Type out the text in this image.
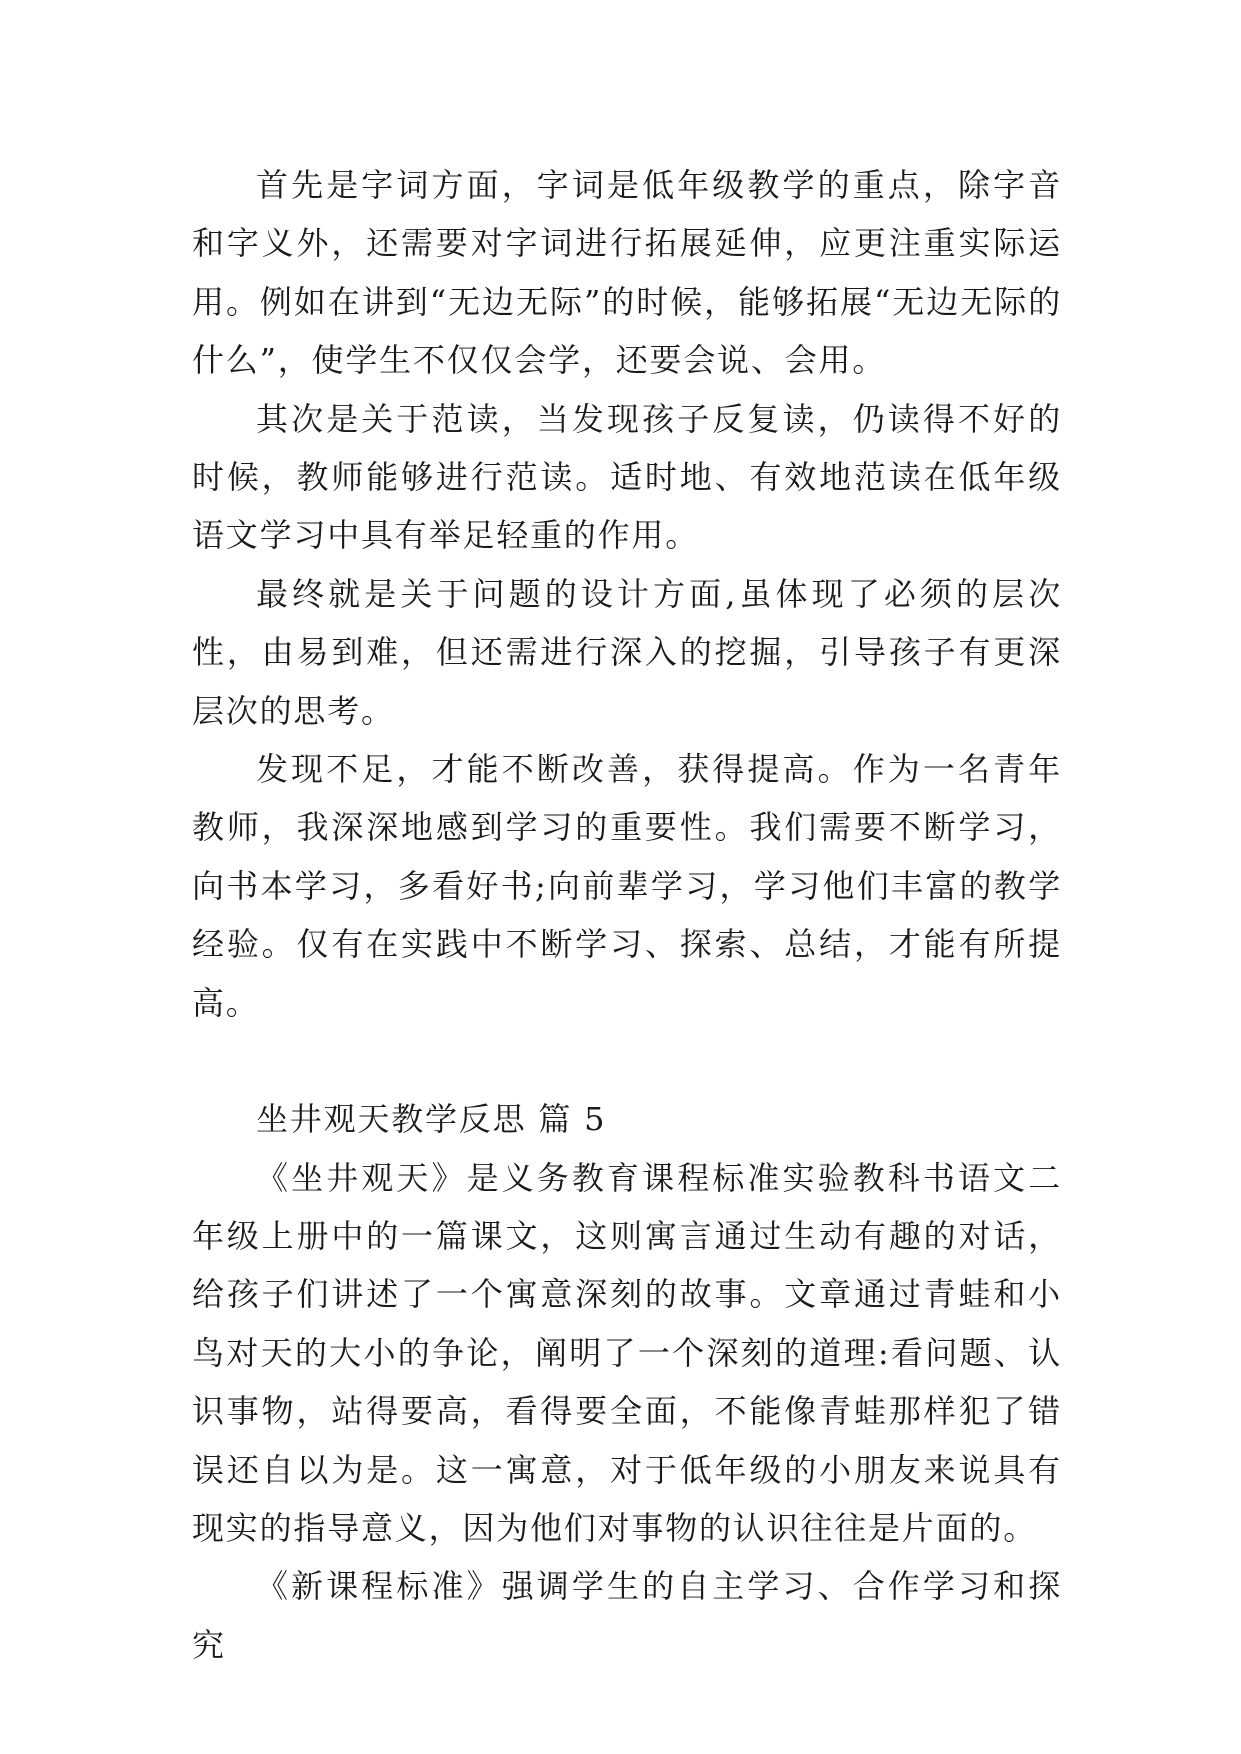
首先是字词方面，字词是低年级教学的重点，除字音和字义外，还需要对字词进行拓展延伸，应更注重实际运用。例如在讲到“无边无际”的时候，能够拓展“无边无际的什么”，使学生不仅仅会学，还要会说、会用。

其次是关于范读，当发现孩子反复读，仍读得不好的时候，教师能够进行范读。适时地、有效地范读在低年级语文学习中具有举足轻重的作用。

最终就是关于问题的设计方面,虽体现了必须的层次性，由易到难，但还需进行深入的挖掘，引导孩子有更深层次的思考。

发现不足，才能不断改善，获得提高。作为一名青年教师，我深深地感到学习的重要性。我们需要不断学习，向书本学习，多看好书;向前辈学习，学习他们丰富的教学经验。仅有在实践中不断学习、探索、总结，才能有所提高。

坐井观天教学反思 篇 5

《坐井观天》是义务教育课程标准实验教科书语文二年级上册中的一篇课文，这则寓言通过生动有趣的对话，给孩子们讲述了一个寓意深刻的故事。文章通过青蛙和小鸟对天的大小的争论，阐明了一个深刻的道理:看问题、认识事物，站得要高，看得要全面，不能像青蛙那样犯了错误还自以为是。这一寓意，对于低年级的小朋友来说具有现实的指导意义，因为他们对事物的认识往往是片面的。

《新课程标准》强调学生的自主学习、合作学习和探究
